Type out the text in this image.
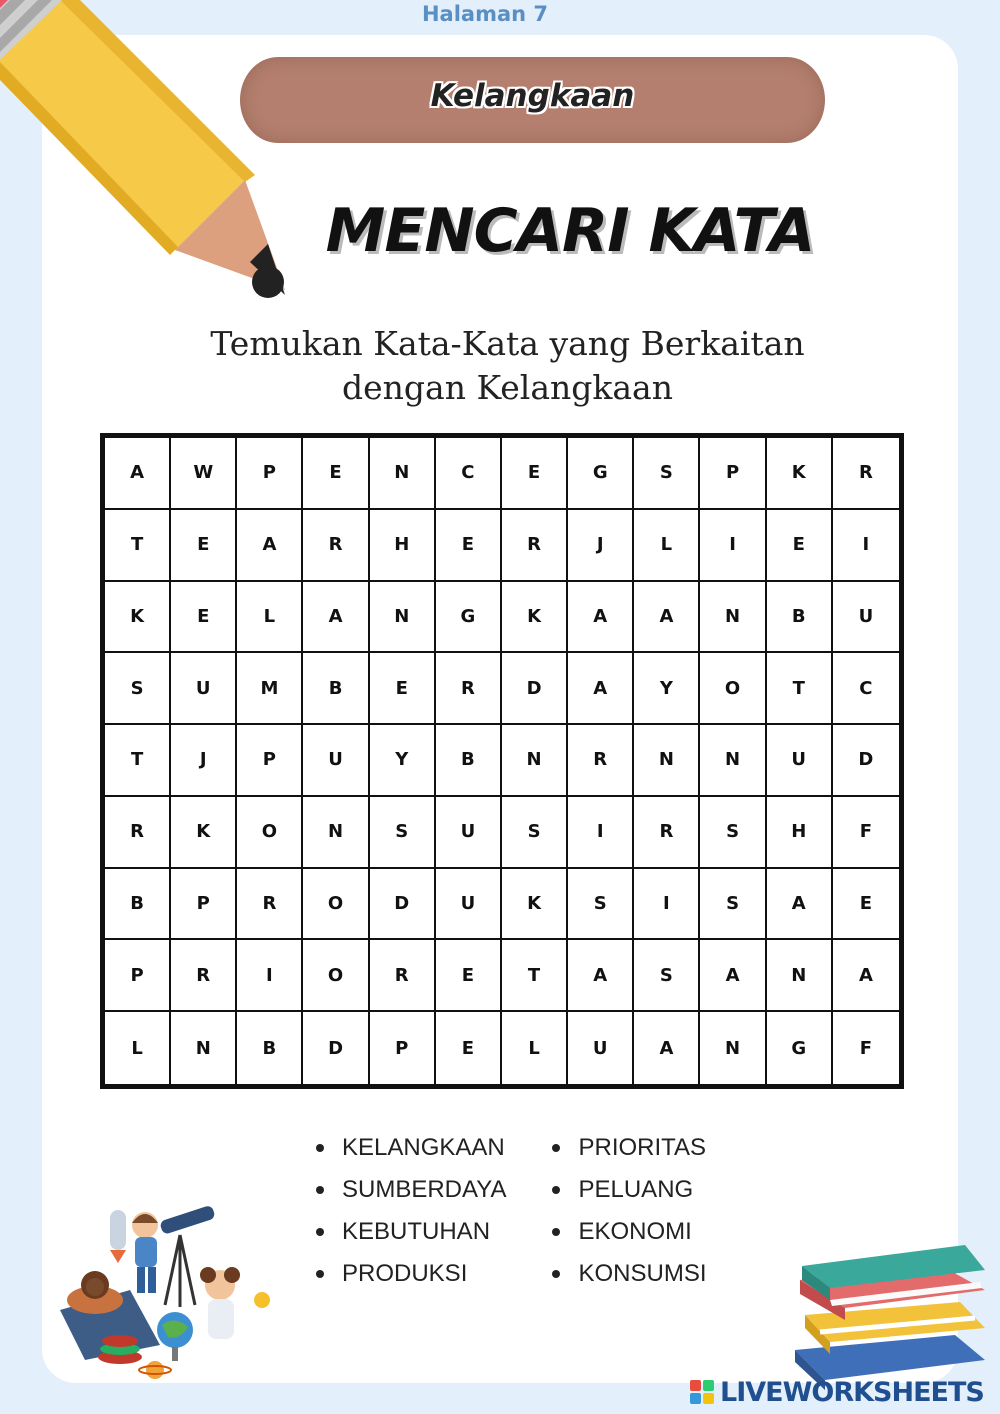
Halaman 7
Kelangkaan
MENCARI KATA
Temukan Kata-Kata yang Berkaitan
dengan Kelangkaan
A	W	P	E	N	C	E	G	S	P	K	R
T	E	A	R	H	E	R	J	L	I	E	I
K	E	L	A	N	G	K	A	A	N	B	U
S	U	M	B	E	R	D	A	Y	O	T	C
T	J	P	U	Y	B	N	R	N	N	U	D
R	K	O	N	S	U	S	I	R	S	H	F
B	P	R	O	D	U	K	S	I	S	A	E
P	R	I	O	R	E	T	A	S	A	N	A
L	N	B	D	P	E	L	U	A	N	G	F
KELANGKAAN
SUMBERDAYA
KEBUTUHAN
PRODUKSI
PRIORITAS
PELUANG
EKONOMI
KONSUMSI
LIVEWORKSHEETS
